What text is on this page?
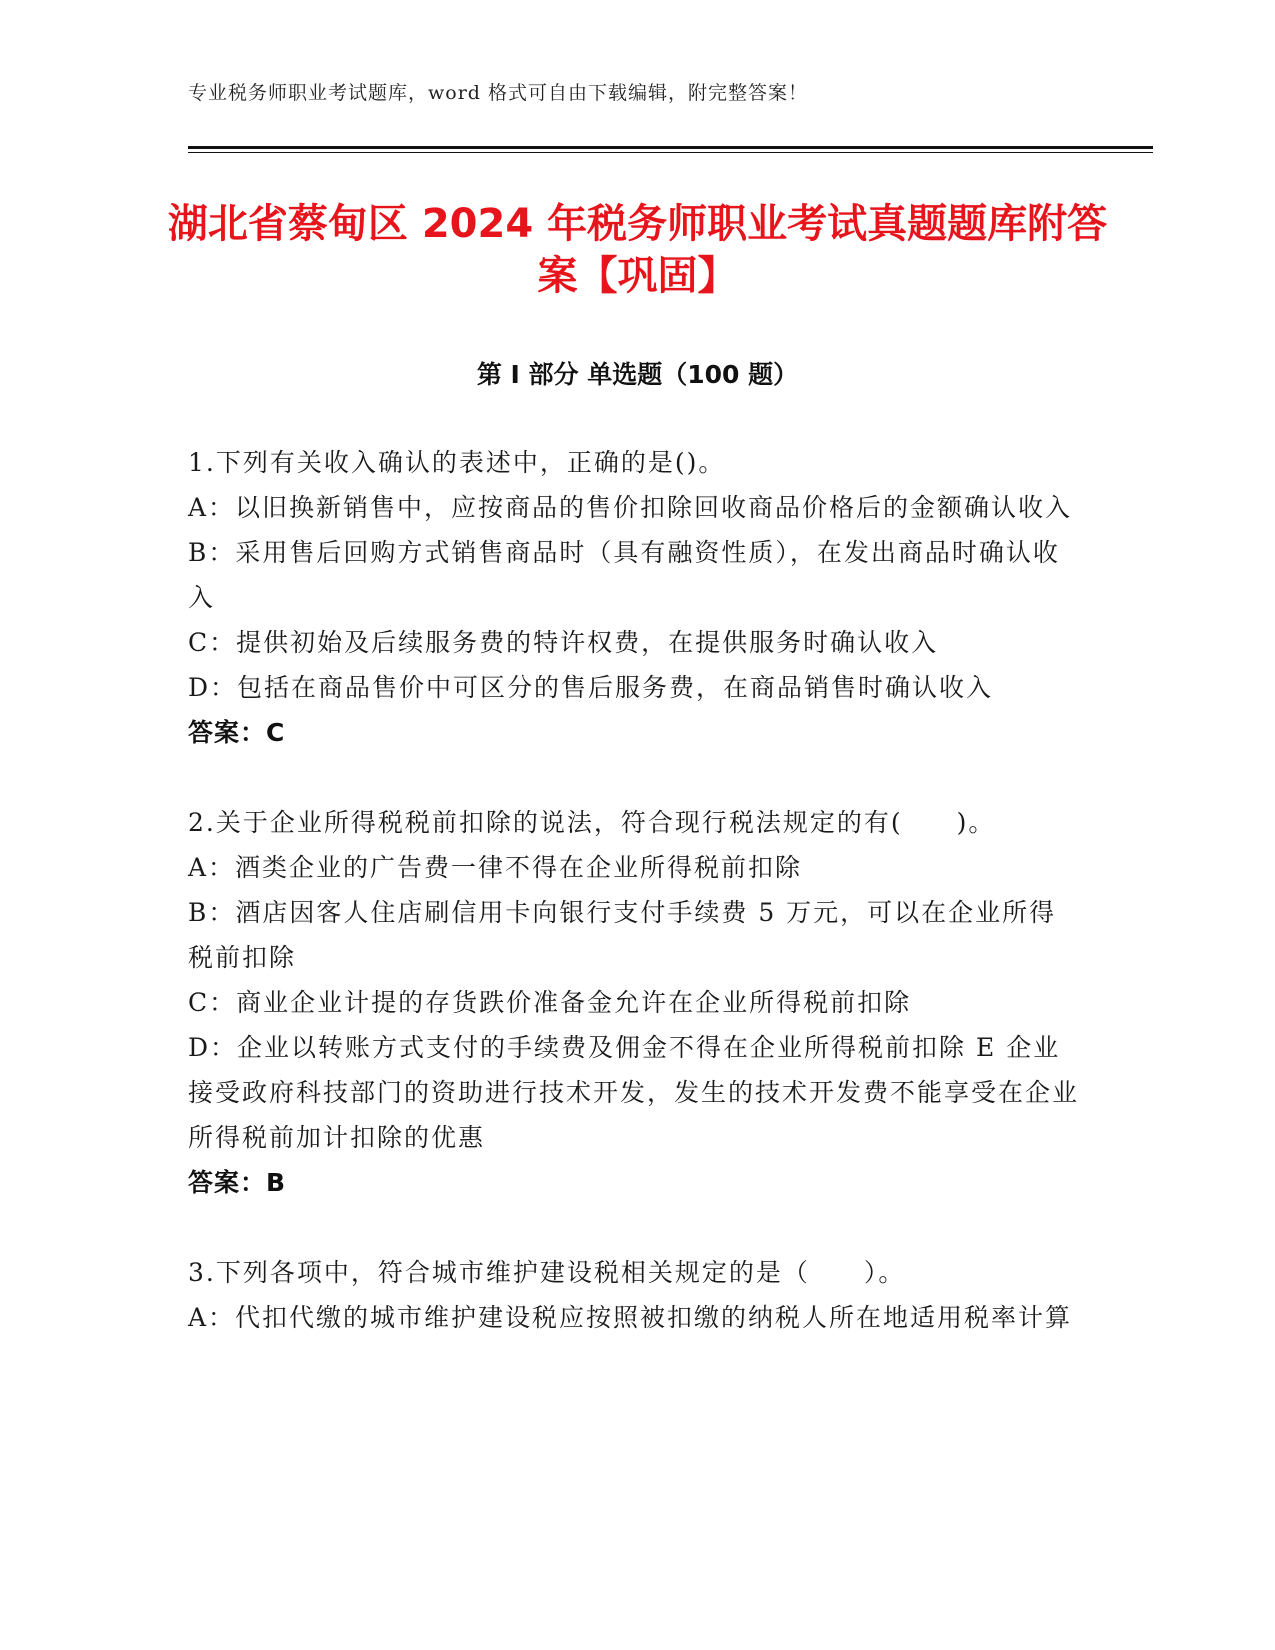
专业税务师职业考试题库，word 格式可自由下载编辑，附完整答案！
湖北省蔡甸区 2024 年税务师职业考试真题题库附答案【巩固】
第 I 部分 单选题（100 题）

1.下列有关收入确认的表述中，正确的是()。

A：以旧换新销售中，应按商品的售价扣除回收商品价格后的金额确认收入

B：采用售后回购方式销售商品时（具有融资性质），在发出商品时确认收入

C：提供初始及后续服务费的特许权费，在提供服务时确认收入

D：包括在商品售价中可区分的售后服务费，在商品销售时确认收入

答案：C

2.关于企业所得税税前扣除的说法，符合现行税法规定的有(　　)。

A：酒类企业的广告费一律不得在企业所得税前扣除

B：酒店因客人住店刷信用卡向银行支付手续费 5 万元，可以在企业所得税前扣除

C：商业企业计提的存货跌价准备金允许在企业所得税前扣除

D：企业以转账方式支付的手续费及佣金不得在企业所得税前扣除 E 企业接受政府科技部门的资助进行技术开发，发生的技术开发费不能享受在企业所得税前加计扣除的优惠

答案：B

3.下列各项中，符合城市维护建设税相关规定的是（　　）。

A：代扣代缴的城市维护建设税应按照被扣缴的纳税人所在地适用税率计算
